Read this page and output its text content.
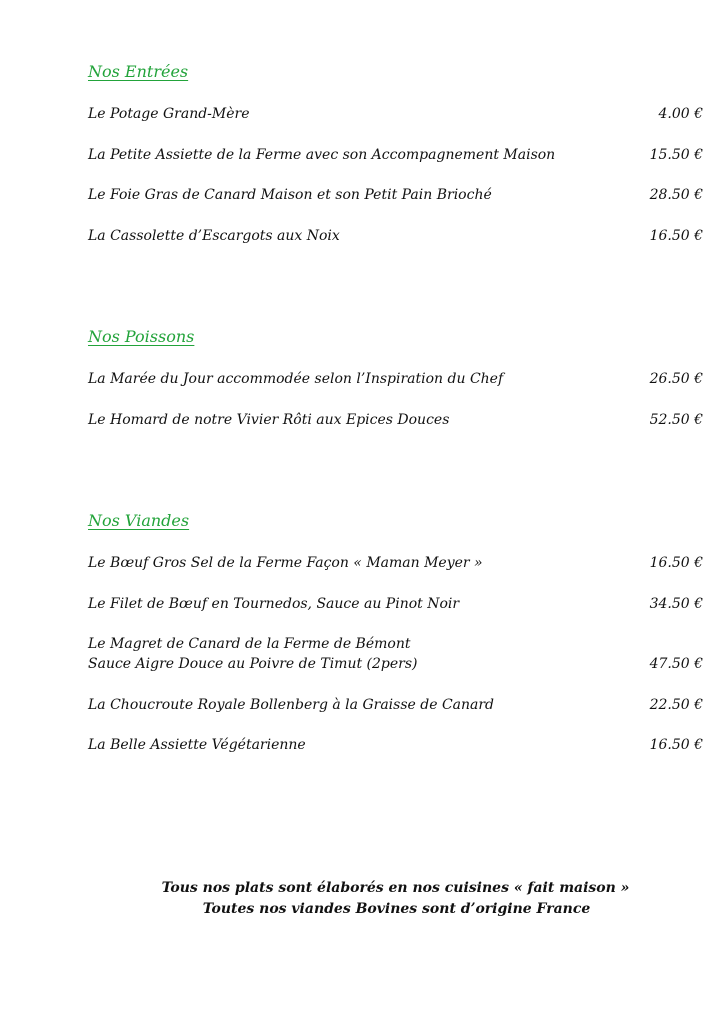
Nos Entrées
Le Potage Grand-Mère	4.00 €
La Petite Assiette de la Ferme avec son Accompagnement Maison	15.50 €
Le Foie Gras de Canard Maison et son Petit Pain Brioché	28.50 €
La Cassolette d’Escargots aux Noix	16.50 €
Nos Poissons
La Marée du Jour accommodée selon l’Inspiration du Chef	26.50 €
Le Homard de notre Vivier Rôti aux Epices Douces	52.50 €
Nos Viandes
Le Bœuf Gros Sel de la Ferme Façon « Maman Meyer »	16.50 €
Le Filet de Bœuf en Tournedos, Sauce au Pinot Noir	34.50 €
Le Magret de Canard de la Ferme de Bémont
Sauce Aigre Douce au Poivre de Timut (2pers)	47.50 €
La Choucroute Royale Bollenberg à la Graisse de Canard	22.50 €
La Belle Assiette Végétarienne	16.50 €
Tous nos plats sont élaborés en nos cuisines « fait maison »
Toutes nos viandes Bovines sont d’origine France
